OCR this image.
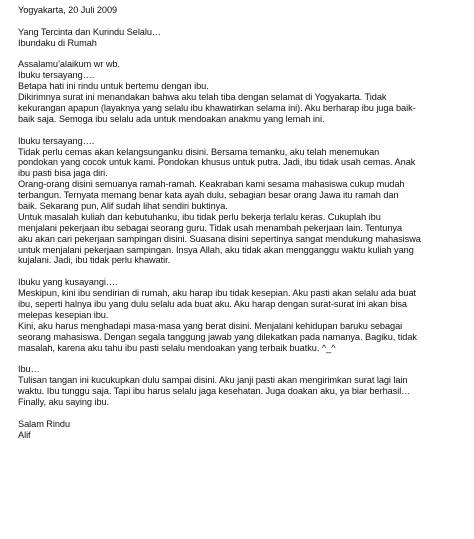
Yogyakarta, 20 Juli 2009
Yang Tercinta dan Kurindu Selalu…
Ibundaku di Rumah
Assalamu’alaikum wr wb.
Ibuku tersayang….
Betapa hati ini rindu untuk bertemu dengan ibu.
Dikirimnya surat ini menandakan bahwa aku telah tiba dengan selamat di Yogyakarta. Tidak
kekurangan apapun (layaknya yang selalu ibu khawatirkan selama ini). Aku berharap ibu juga baik-
baik saja. Semoga ibu selalu ada untuk mendoakan anakmu yang lemah ini.
Ibuku tersayang….
Tidak perlu cemas akan kelangsunganku disini. Bersama temanku, aku telah menemukan
pondokan yang cocok untuk kami. Pondokan khusus untuk putra. Jadi, ibu tidak usah cemas. Anak
ibu pasti bisa jaga diri.
Orang-orang disini semuanya ramah-ramah. Keakraban kami sesama mahasiswa cukup mudah
terbangun. Ternyata memang benar kata ayah dulu, sebagian besar orang Jawa itu ramah dan
baik. Sekarang pun, Alif sudah lihat sendiri buktinya.
Untuk masalah kuliah dan kebutuhanku, ibu tidak perlu bekerja terlalu keras. Cukuplah ibu
menjalani pekerjaan ibu sebagai seorang guru. Tidak usah menambah pekerjaan lain. Tentunya
aku akan cari pekerjaan sampingan disini. Suasana disini sepertinya sangat mendukung mahasiswa
untuk menjalani pekerjaan sampingan. Insya Allah, aku tidak akan mengganggu waktu kuliah yang
kujalani. Jadi, ibu tidak perlu khawatir.
Ibuku yang kusayangi….
Meskipun, kini ibu sendirian di rumah, aku harap ibu tidak kesepian. Aku pasti akan selalu ada buat
ibu, seperti halnya ibu yang dulu selalu ada buat aku. Aku harap dengan surat-surat ini akan bisa
melepas kesepian ibu.
Kini, aku harus menghadapi masa-masa yang berat disini. Menjalani kehidupan baruku sebagai
seorang mahasiswa. Dengan segala tanggung jawab yang dilekatkan pada namanya. Bagiku, tidak
masalah, karena aku tahu ibu pasti selalu mendoakan yang terbaik buatku. ^_^
Ibu…
Tulisan tangan ini kucukupkan dulu sampai disini. Aku janji pasti akan mengirimkan surat lagi lain
waktu. Ibu tunggu saja. Tapi ibu harus selalu jaga kesehatan. Juga doakan aku, ya biar berhasil…
Finally, aku saying ibu.
Salam Rindu
Alif
